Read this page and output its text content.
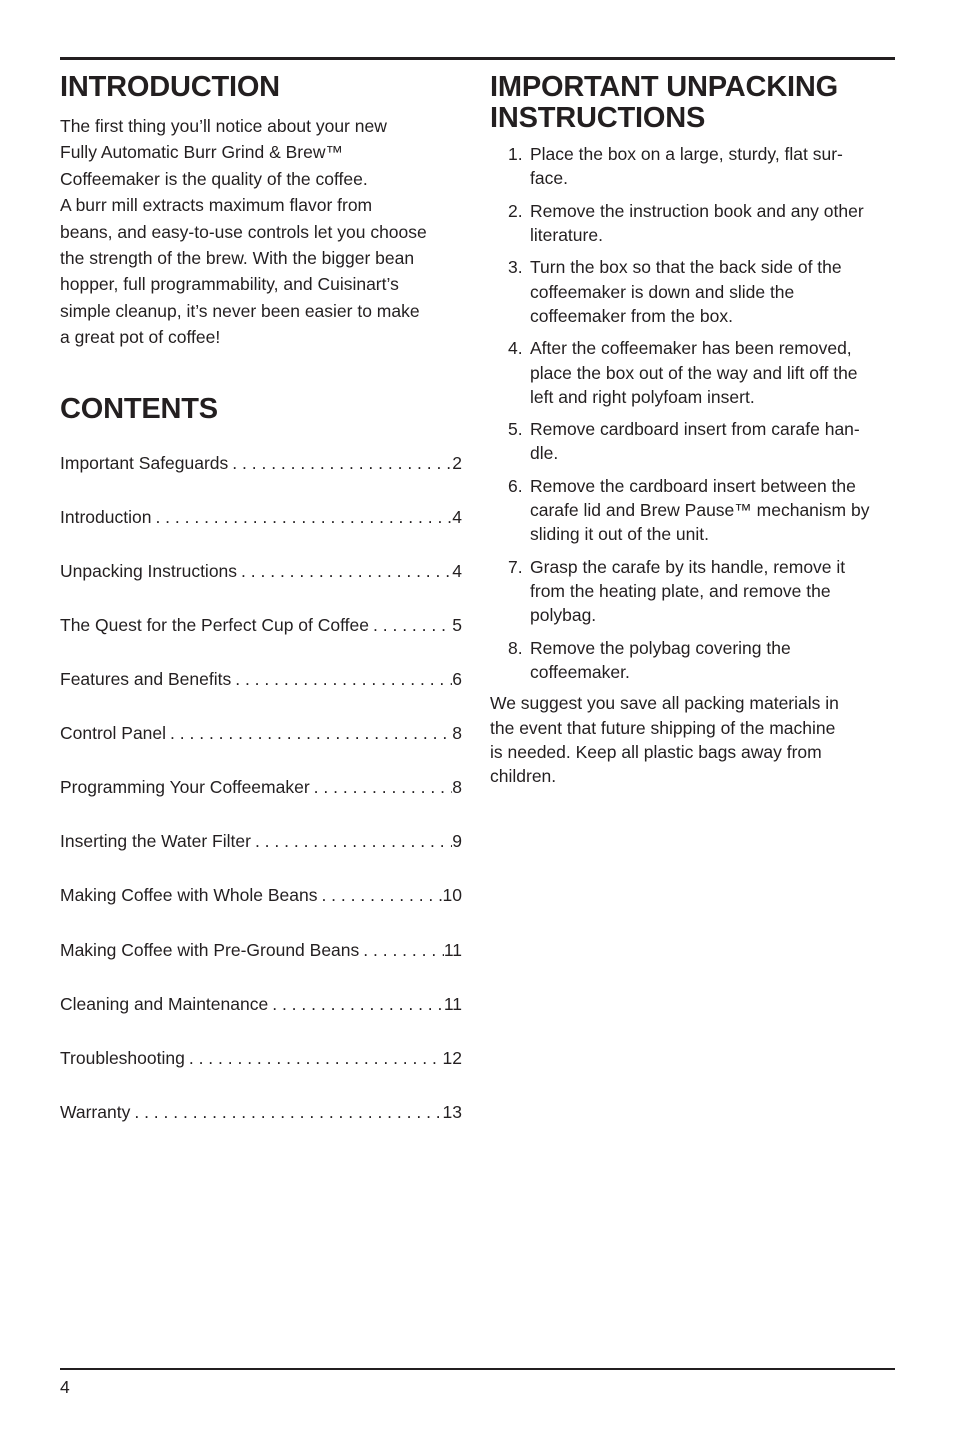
INTRODUCTION

The first thing you’ll notice about your new
Fully Automatic Burr Grind & Brew™
Coffeemaker is the quality of the coffee.
A burr mill extracts maximum flavor from
beans, and easy-to-use controls let you choose
the strength of the brew. With the bigger bean
hopper, full programmability, and Cuisinart’s
simple cleanup, it’s never been easier to make
a great pot of coffee!

CONTENTS
Important Safeguards . . .	2
Introduction . . .	4
Unpacking Instructions . . .	4
The Quest for the Perfect Cup of Coffee . . .	5
Features and Benefits . . .	6
Control Panel . . .	8
Programming Your Coffeemaker . . .	8
Inserting the Water Filter . . .	9
Making Coffee with Whole Beans . . .	10
Making Coffee with Pre-Ground Beans . . .	11
Cleaning and Maintenance . . .	11
Troubleshooting . . .	12
Warranty . . .	13
IMPORTANT UNPACKING
INSTRUCTIONS
1. Place the box on a large, sturdy, flat sur-
face.
2. Remove the instruction book and any other
literature.
3. Turn the box so that the back side of the
coffeemaker is down and slide the
coffeemaker from the box.
4. After the coffeemaker has been removed,
place the box out of the way and lift off the
left and right polyfoam insert.
5. Remove cardboard insert from carafe han-
dle.
6. Remove the cardboard insert between the
carafe lid and Brew Pause™ mechanism by
sliding it out of the unit.
7. Grasp the carafe by its handle, remove it
from the heating plate, and remove the
polybag.
8. Remove the polybag covering the
coffeemaker.

We suggest you save all packing materials in
the event that future shipping of the machine
is needed. Keep all plastic bags away from
children.

4
